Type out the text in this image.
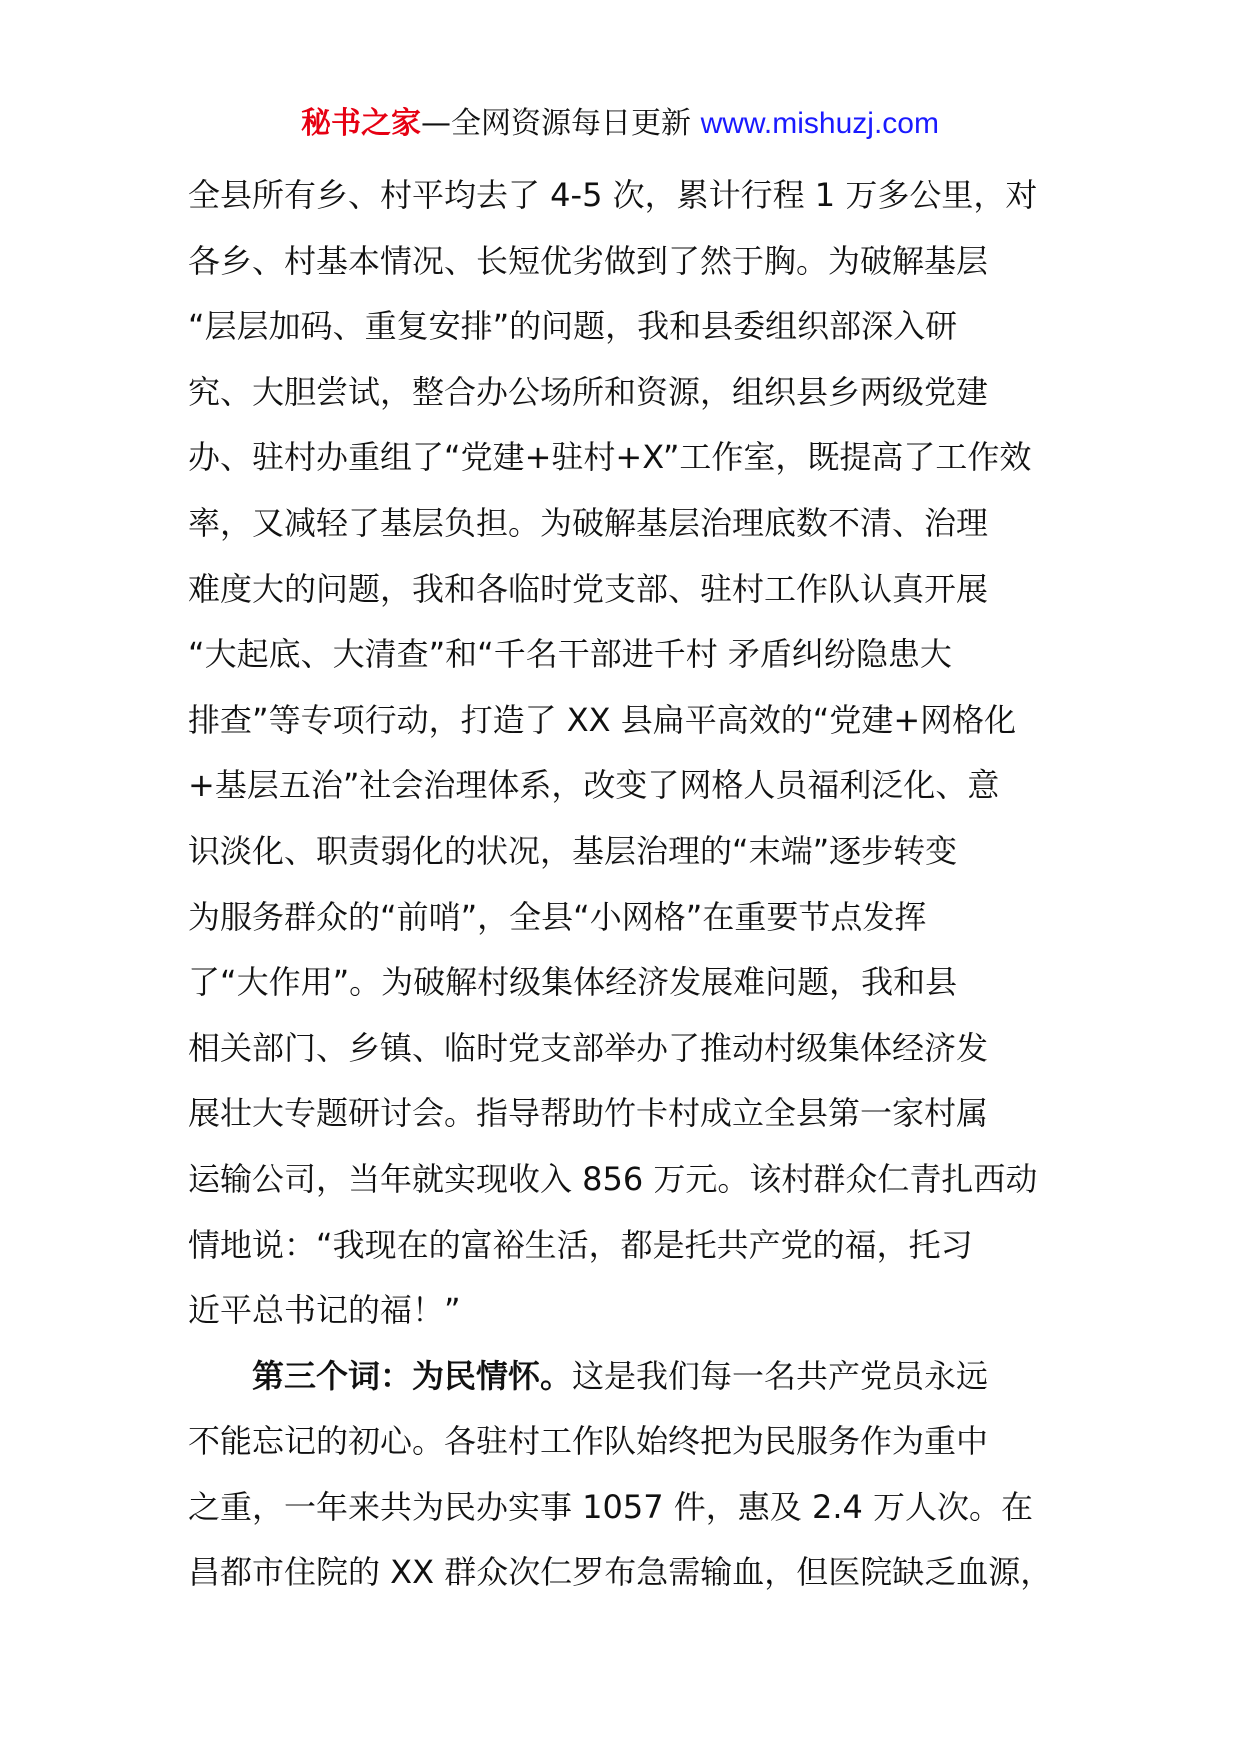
秘书之家—全网资源每日更新 www.mishuzj.com
全县所有乡、村平均去了 4-5 次，累计行程 1 万多公里，对
各乡、村基本情况、长短优劣做到了然于胸。为破解基层
“层层加码、重复安排”的问题，我和县委组织部深入研
究、大胆尝试，整合办公场所和资源，组织县乡两级党建
办、驻村办重组了“党建+驻村+X”工作室，既提高了工作效
率，又减轻了基层负担。为破解基层治理底数不清、治理
难度大的问题，我和各临时党支部、驻村工作队认真开展
“大起底、大清查”和“千名干部进千村 矛盾纠纷隐患大
排查”等专项行动，打造了 XX 县扁平高效的“党建+网格化
+基层五治”社会治理体系，改变了网格人员福利泛化、意
识淡化、职责弱化的状况，基层治理的“末端”逐步转变
为服务群众的“前哨”，全县“小网格”在重要节点发挥
了“大作用”。为破解村级集体经济发展难问题，我和县
相关部门、乡镇、临时党支部举办了推动村级集体经济发
展壮大专题研讨会。指导帮助竹卡村成立全县第一家村属
运输公司，当年就实现收入 856 万元。该村群众仁青扎西动
情地说：“我现在的富裕生活，都是托共产党的福，托习
近平总书记的福！”
第三个词：为民情怀。这是我们每一名共产党员永远
不能忘记的初心。各驻村工作队始终把为民服务作为重中
之重，一年来共为民办实事 1057 件，惠及 2.4 万人次。在
昌都市住院的 XX 群众次仁罗布急需输血，但医院缺乏血源，
